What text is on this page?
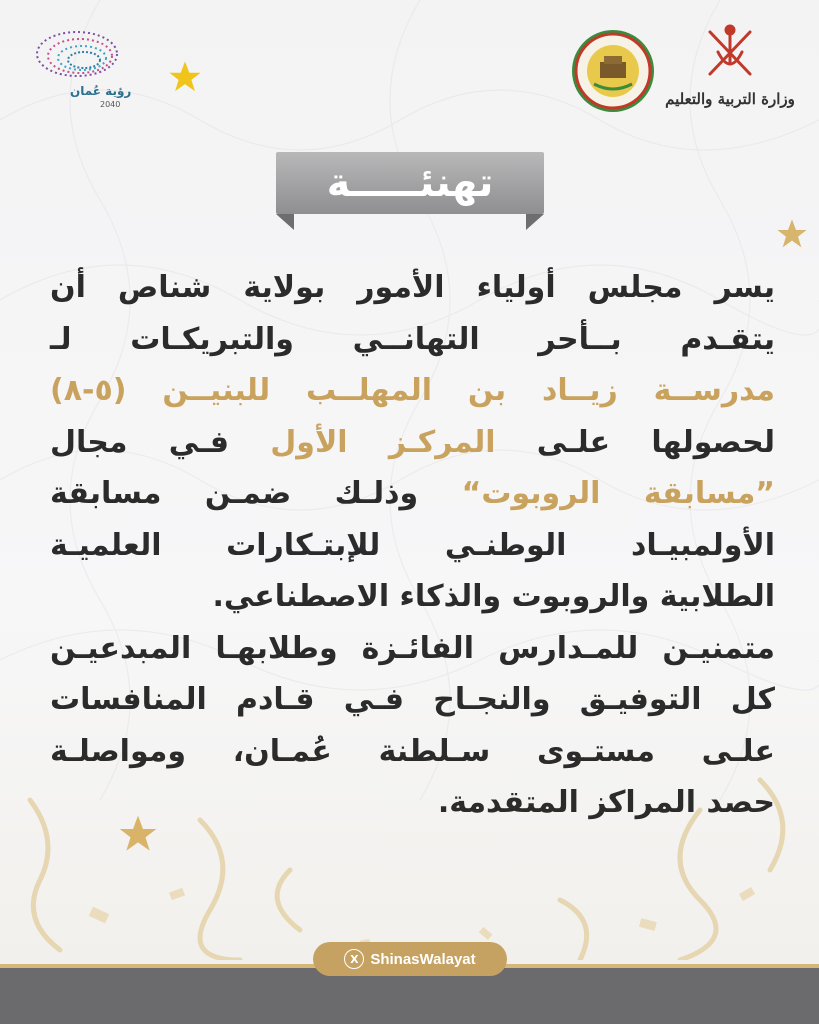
رؤية عُمان
2040	وزارة التربية والتعليم
تهنئـــــة
يسر مجلس أولياء الأمور بولاية شناص أن
يتقـدم بــأحر التهانــي والتبريكـات لـ
مدرســة زيــاد بن المهلــب للبنيــن (٥-٨)
لحصولها علـى المركـز الأول فـي مجال
”مسابقة الروبوت“ وذلـك ضمـن مسابقة
الأولمبيـاد الوطنـي للإبتـكارات العلميـة
الطلابية والروبوت والذكاء الاصطناعي.
متمنيـن للمـدارس الفائـزة وطلابهـا المبدعيـن
كل التوفيـق والنجـاح فـي قـادم المنافسات
علـى مستـوى سـلطنة عُمـان، ومواصلـة
حصد المراكز المتقدمة.
X ShinasWalayat
